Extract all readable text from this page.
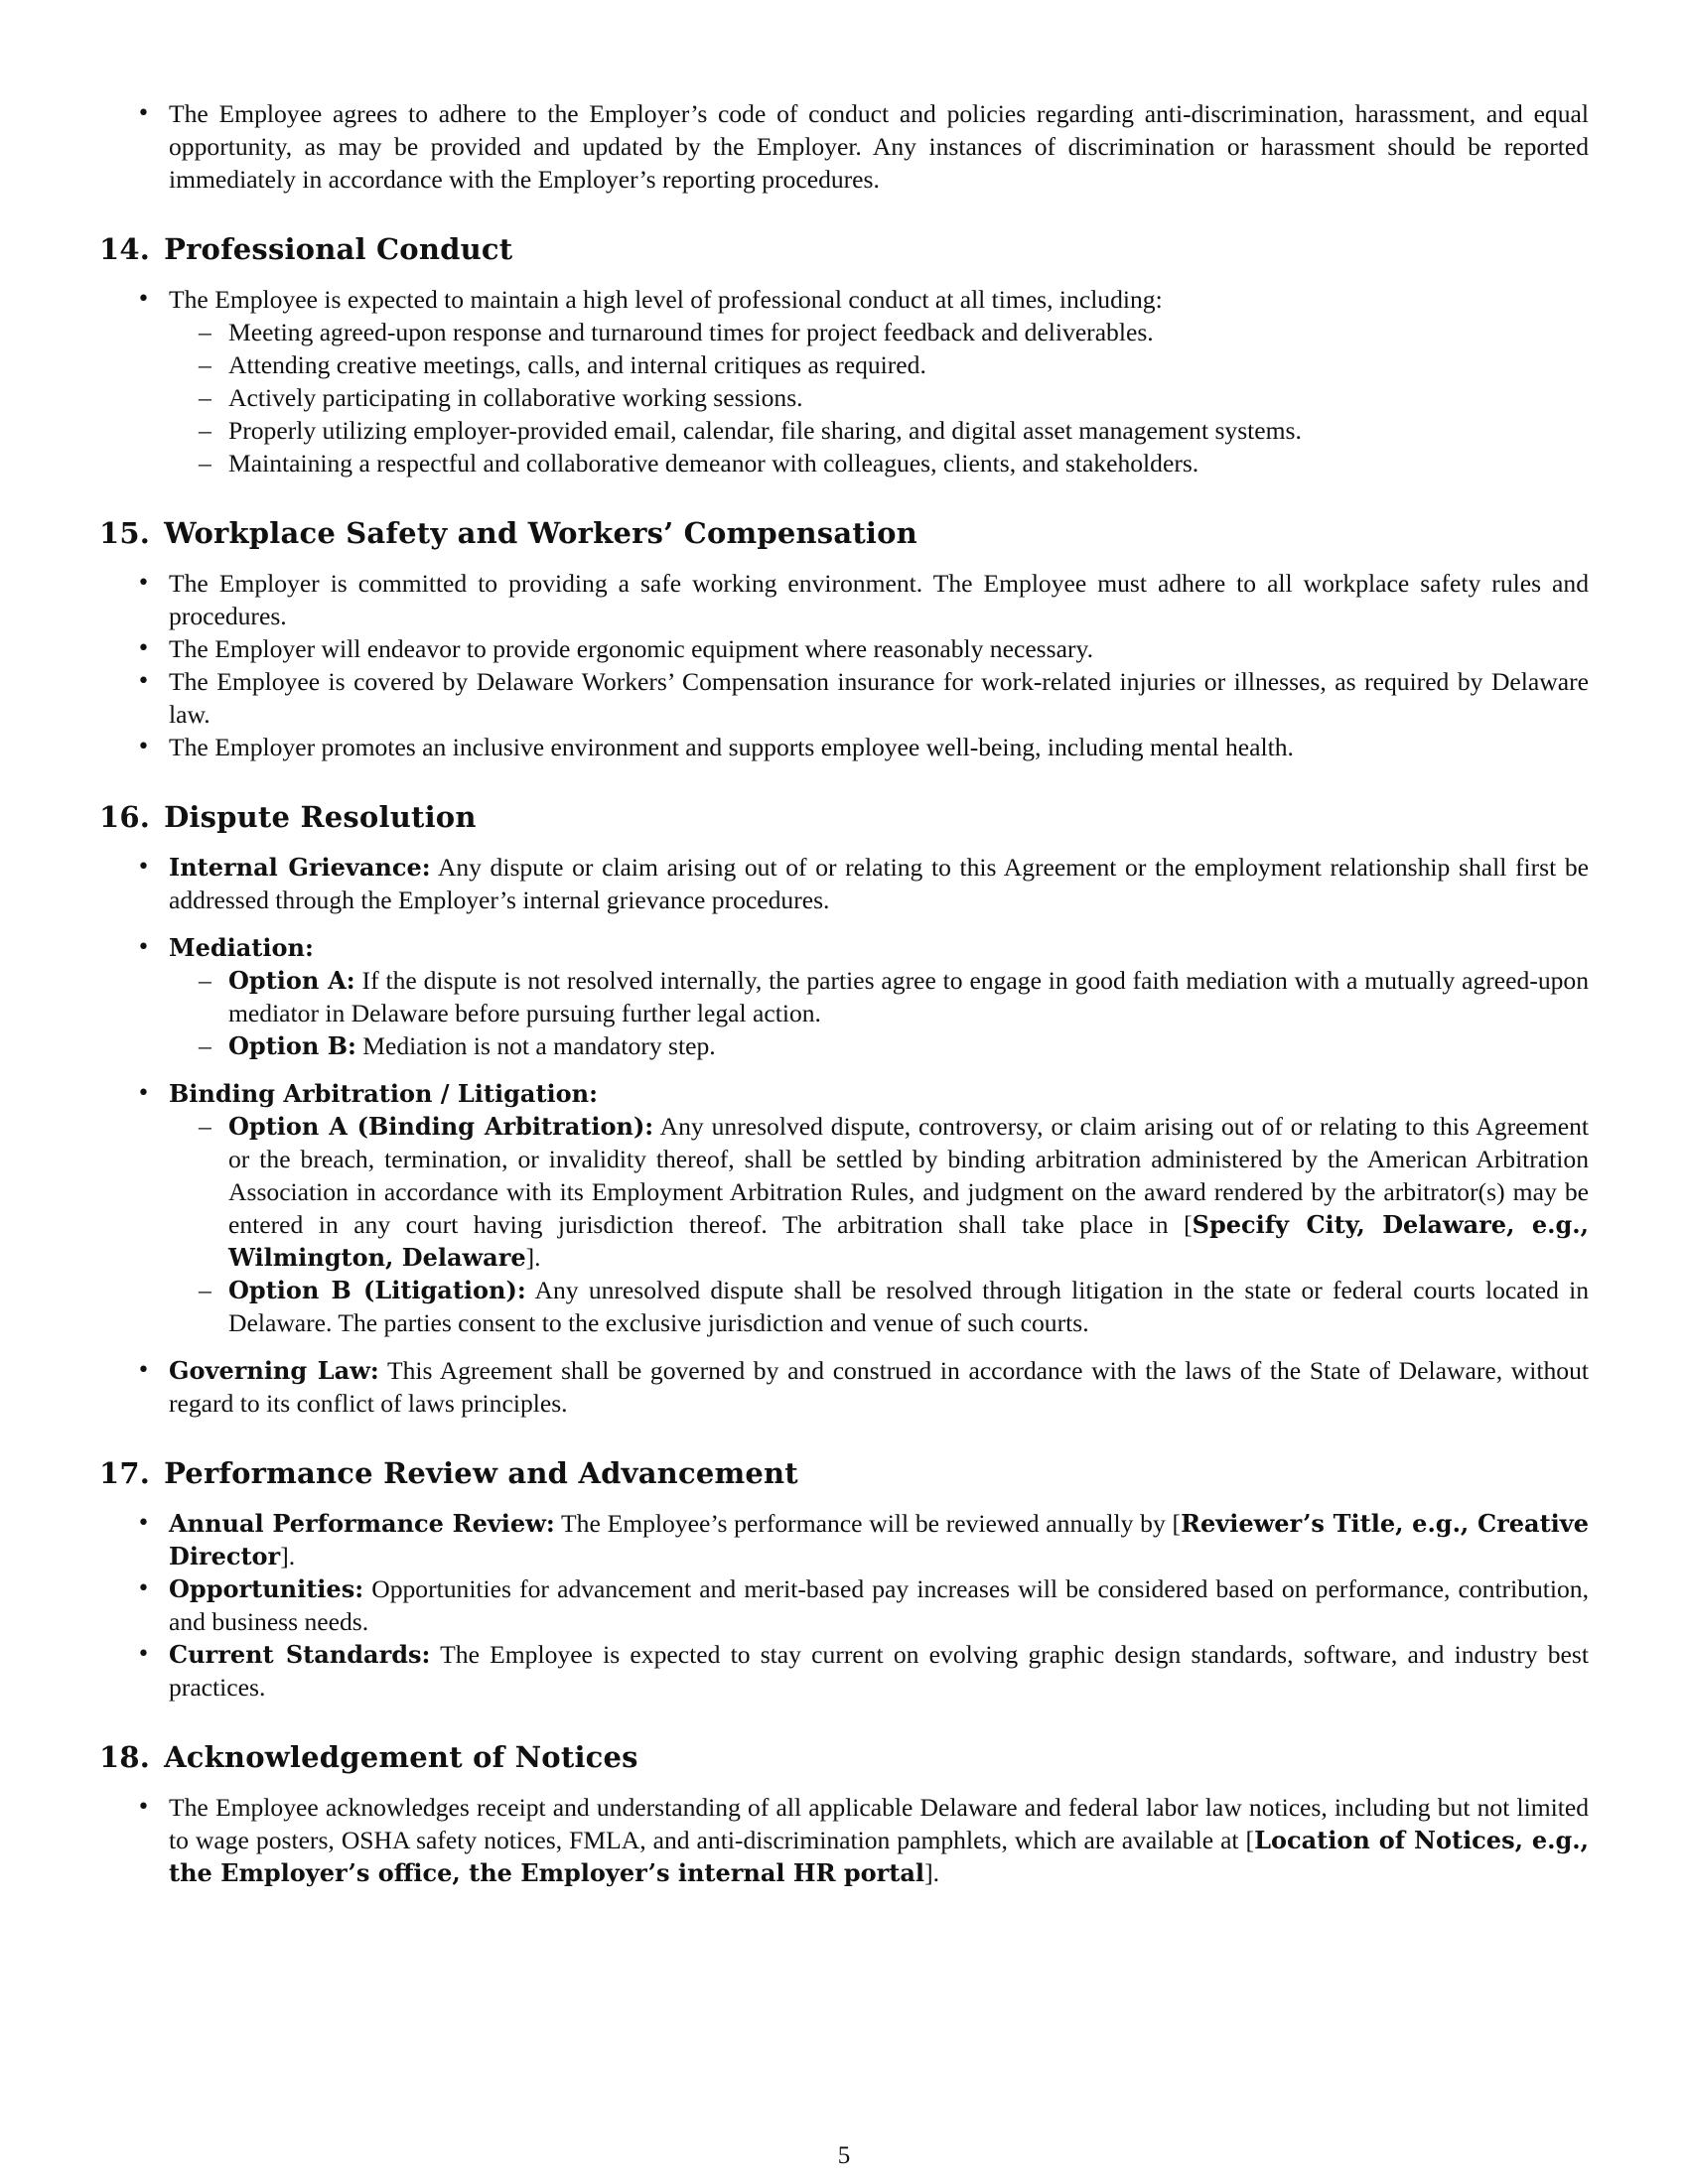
• The Employee agrees to adhere to the Employer’s code of conduct and policies regarding anti-discrimination, harassment, and equal opportunity, as may be provided and updated by the Employer. Any instances of discrimination or harassment should be reported immediately in accordance with the Employer’s reporting procedures.
14. Professional Conduct
• The Employee is expected to maintain a high level of professional conduct at all times, including:
– Meeting agreed-upon response and turnaround times for project feedback and deliverables.
– Attending creative meetings, calls, and internal critiques as required.
– Actively participating in collaborative working sessions.
– Properly utilizing employer-provided email, calendar, file sharing, and digital asset management systems.
– Maintaining a respectful and collaborative demeanor with colleagues, clients, and stakeholders.
15. Workplace Safety and Workers’ Compensation
• The Employer is committed to providing a safe working environment. The Employee must adhere to all workplace safety rules and procedures.
• The Employer will endeavor to provide ergonomic equipment where reasonably necessary.
• The Employee is covered by Delaware Workers’ Compensation insurance for work-related injuries or illnesses, as required by Delaware law.
• The Employer promotes an inclusive environment and supports employee well-being, including mental health.
16. Dispute Resolution
• Internal Grievance: Any dispute or claim arising out of or relating to this Agreement or the employment relationship shall first be addressed through the Employer’s internal grievance procedures.
• Mediation:
– Option A: If the dispute is not resolved internally, the parties agree to engage in good faith mediation with a mutually agreed-upon mediator in Delaware before pursuing further legal action.
– Option B: Mediation is not a mandatory step.
• Binding Arbitration / Litigation:
– Option A (Binding Arbitration): Any unresolved dispute, controversy, or claim arising out of or relating to this Agreement or the breach, termination, or invalidity thereof, shall be settled by binding arbitration administered by the American Arbitration Association in accordance with its Employment Arbitration Rules, and judgment on the award rendered by the arbitrator(s) may be entered in any court having jurisdiction thereof. The arbitration shall take place in [Specify City, Delaware, e.g., Wilmington, Delaware].
– Option B (Litigation): Any unresolved dispute shall be resolved through litigation in the state or federal courts located in Delaware. The parties consent to the exclusive jurisdiction and venue of such courts.
• Governing Law: This Agreement shall be governed by and construed in accordance with the laws of the State of Delaware, without regard to its conflict of laws principles.
17. Performance Review and Advancement
• Annual Performance Review: The Employee’s performance will be reviewed annually by [Reviewer’s Title, e.g., Creative Director].
• Opportunities: Opportunities for advancement and merit-based pay increases will be considered based on performance, contribution, and business needs.
• Current Standards: The Employee is expected to stay current on evolving graphic design standards, software, and industry best practices.
18. Acknowledgement of Notices
• The Employee acknowledges receipt and understanding of all applicable Delaware and federal labor law notices, including but not limited to wage posters, OSHA safety notices, FMLA, and anti-discrimination pamphlets, which are available at [Location of Notices, e.g., the Employer’s office, the Employer’s internal HR portal].
5
